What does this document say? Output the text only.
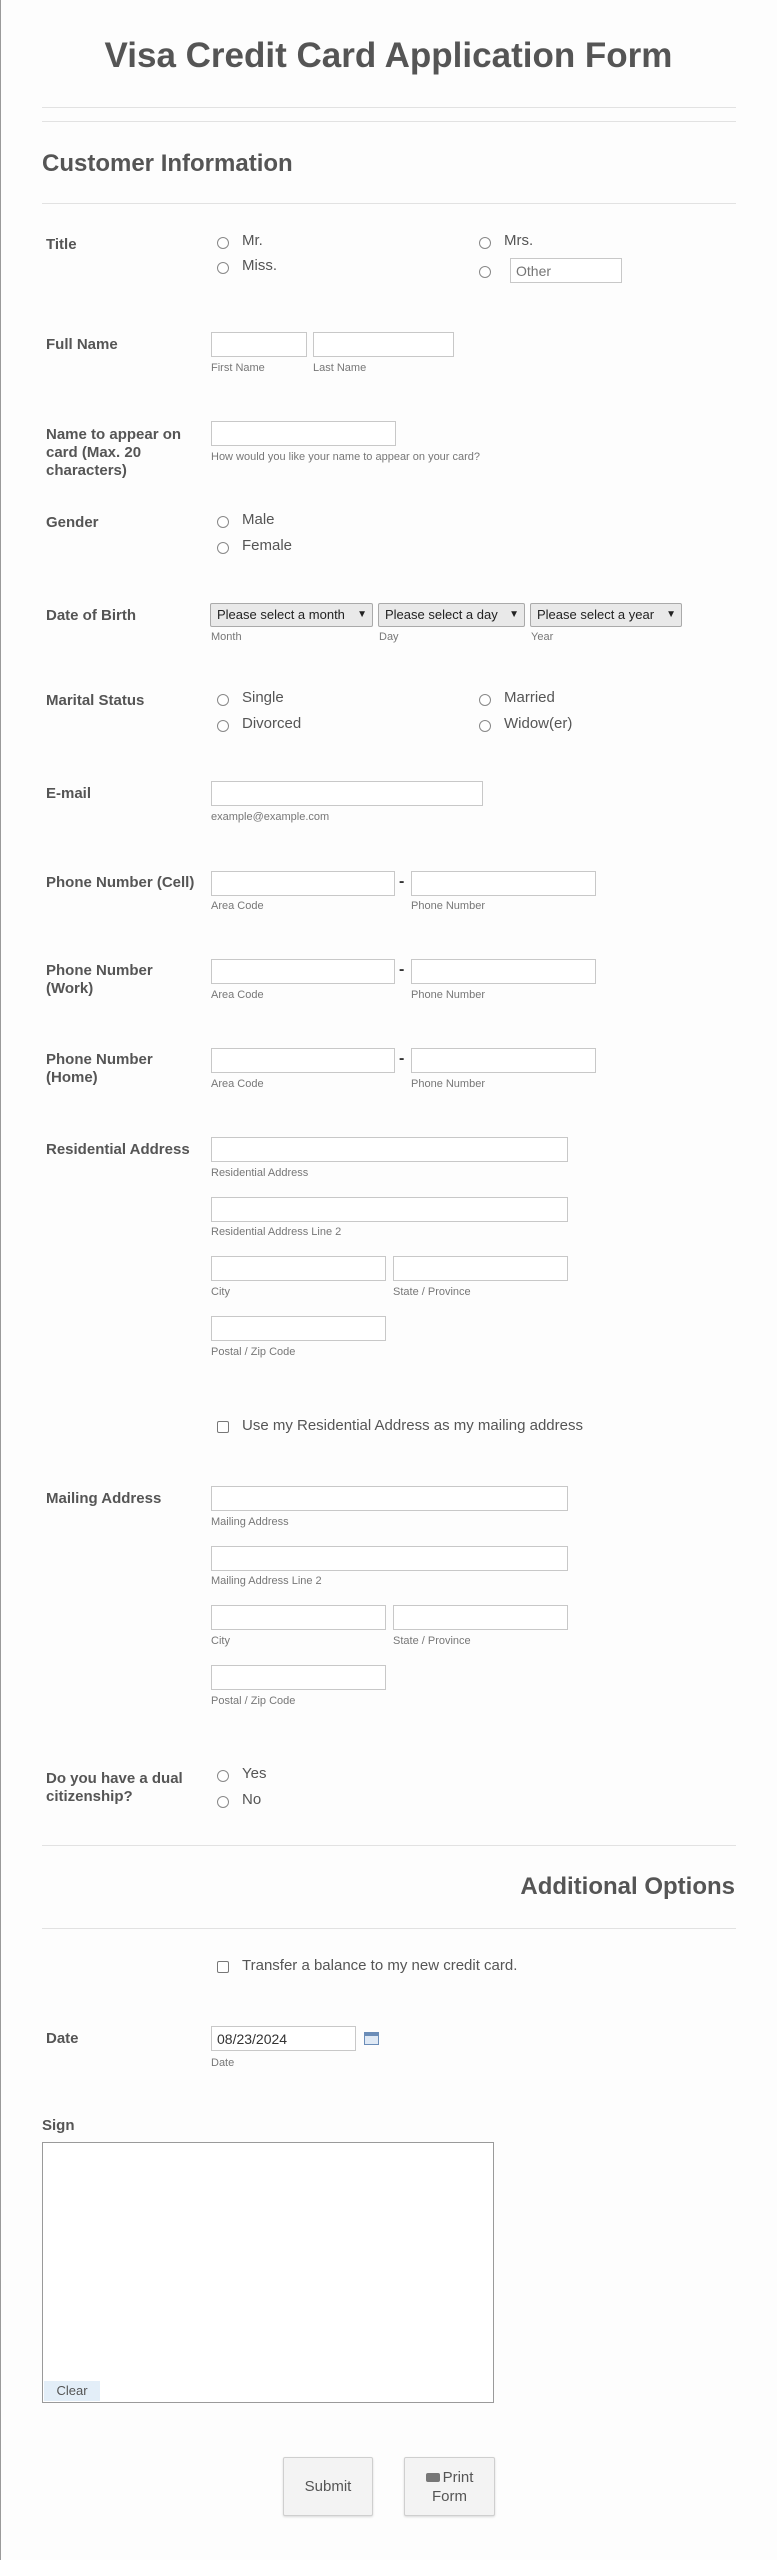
Visa Credit Card Application Form
Customer Information
Title	Mr.	Mrs.
Miss.
Other
Full Name
First Name	Last Name
Name to appear on card (Max. 20 characters)
How would you like your name to appear on your card?
Gender	Male
Female
Date of Birth	Please select a month ▼	Please select a day ▼	Please select a year ▼
Month	Day	Year
Marital Status	Single	Married
Divorced	Widow(er)
E-mail
example@example.com
Phone Number (Cell)	-
Area Code	Phone Number
Phone Number (Work)
-
Area Code	Phone Number
Phone Number (Home)
-
Area Code	Phone Number
Residential Address
Residential Address
Residential Address Line 2
City	State / Province
Postal / Zip Code
Use my Residential Address as my mailing address
Mailing Address
Mailing Address
Mailing Address Line 2
City	State / Province
Postal / Zip Code
Do you have a dual citizenship?
Yes
No
Additional Options
Transfer a balance to my new credit card.
Date
08/23/2024
Date
Sign
Clear
Submit
Print Form
